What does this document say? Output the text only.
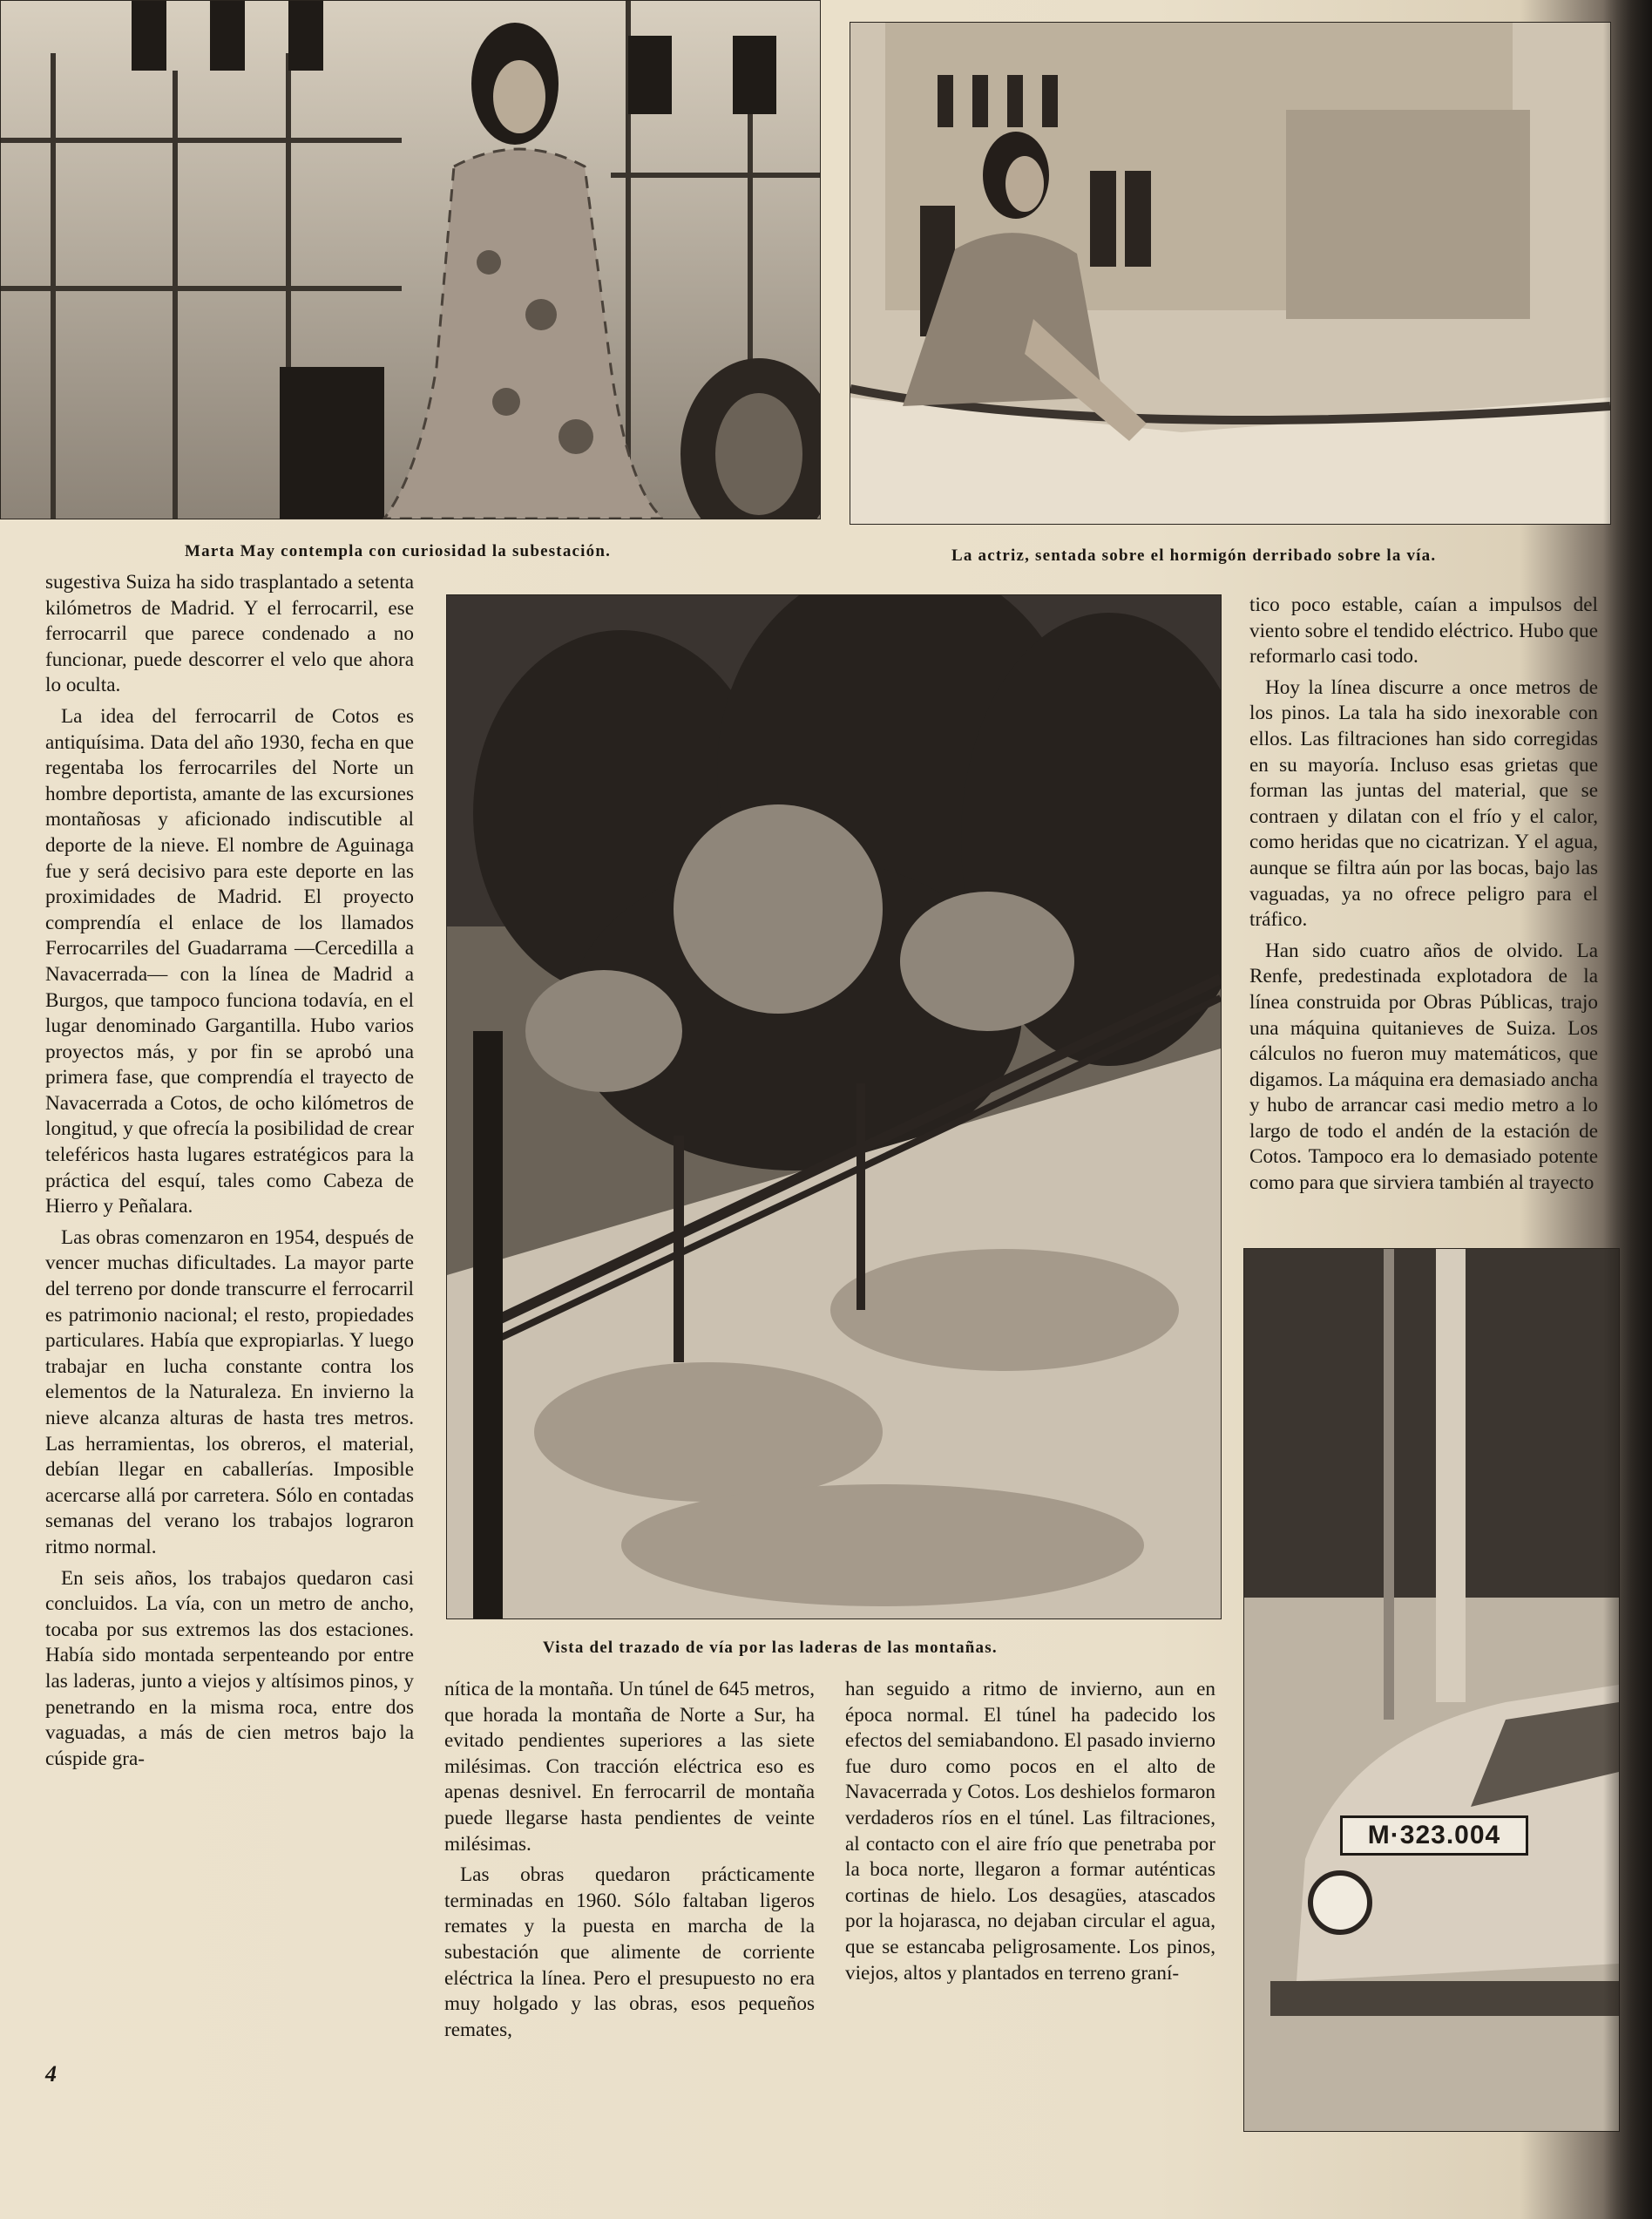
Marta May contempla con curiosidad la subestación.	La actriz, sentada sobre el hormigón derribado sobre la vía.
Vista del trazado de vía por las laderas de las montañas.
M·323.004

sugestiva Suiza ha sido trasplantado a setenta kilómetros de Madrid. Y el ferrocarril, ese ferrocarril que parece condenado a no funcionar, puede descorrer el velo que ahora lo oculta.

La idea del ferrocarril de Cotos es antiquísima. Data del año 1930, fecha en que regentaba los ferrocarriles del Norte un hombre deportista, amante de las excursiones montañosas y aficionado indiscutible al deporte de la nieve. El nombre de Aguinaga fue y será decisivo para este deporte en las proximidades de Madrid. El proyecto comprendía el enlace de los llamados Ferrocarriles del Guadarrama —Cercedilla a Navacerrada— con la línea de Madrid a Burgos, que tampoco funciona todavía, en el lugar denominado Gargantilla. Hubo varios proyectos más, y por fin se aprobó una primera fase, que comprendía el trayecto de Navacerrada a Cotos, de ocho kilómetros de longitud, y que ofrecía la posibilidad de crear teleféricos hasta lugares estratégicos para la práctica del esquí, tales como Cabeza de Hierro y Peñalara.

Las obras comenzaron en 1954, después de vencer muchas dificultades. La mayor parte del terreno por donde transcurre el ferrocarril es patrimonio nacional; el resto, propiedades particulares. Había que expropiarlas. Y luego trabajar en lucha constante contra los elementos de la Naturaleza. En invierno la nieve alcanza alturas de hasta tres metros. Las herramientas, los obreros, el material, debían llegar en caballerías. Imposible acercarse allá por carretera. Sólo en contadas semanas del verano los trabajos lograron ritmo normal.

En seis años, los trabajos quedaron casi concluidos. La vía, con un metro de ancho, tocaba por sus extremos las dos estaciones. Había sido montada serpenteando por entre las laderas, junto a viejos y altísimos pinos, y penetrando en la misma roca, entre dos vaguadas, a más de cien metros bajo la cúspide gra-

nítica de la montaña. Un túnel de 645 metros, que horada la montaña de Norte a Sur, ha evitado pendientes superiores a las siete milésimas. Con tracción eléctrica eso es apenas desnivel. En ferrocarril de montaña puede llegarse hasta pendientes de veinte milésimas.

Las obras quedaron prácticamente terminadas en 1960. Sólo faltaban ligeros remates y la puesta en marcha de la subestación que alimente de corriente eléctrica la línea. Pero el presupuesto no era muy holgado y las obras, esos pequeños remates,

han seguido a ritmo de invierno, aun en época normal. El túnel ha padecido los efectos del semiabandono. El pasado invierno fue duro como pocos en el alto de Navacerrada y Cotos. Los deshielos formaron verdaderos ríos en el túnel. Las filtraciones, al contacto con el aire frío que penetraba por la boca norte, llegaron a formar auténticas cortinas de hielo. Los desagües, atascados por la hojarasca, no dejaban circular el agua, que se estancaba peligrosamente. Los pinos, viejos, altos y plantados en terreno graní-

tico poco estable, caían a impulsos del viento sobre el tendido eléctrico. Hubo que reformarlo casi todo.

Hoy la línea discurre a once metros de los pinos. La tala ha sido inexorable con ellos. Las filtraciones han sido corregidas en su mayoría. Incluso esas grietas que forman las juntas del material, que se contraen y dilatan con el frío y el calor, como heridas que no cicatrizan. Y el agua, aunque se filtra aún por las bocas, bajo las vaguadas, ya no ofrece peligro para el tráfico.

Han sido cuatro años de olvido. La Renfe, predestinada explotadora de la línea construida por Obras Públicas, trajo una máquina quitanieves de Suiza. Los cálculos no fueron muy matemáticos, que digamos. La máquina era demasiado ancha y hubo de arrancar casi medio metro a lo largo de todo el andén de la estación de Cotos. Tampoco era lo demasiado potente como para que sirviera también al trayecto

4
